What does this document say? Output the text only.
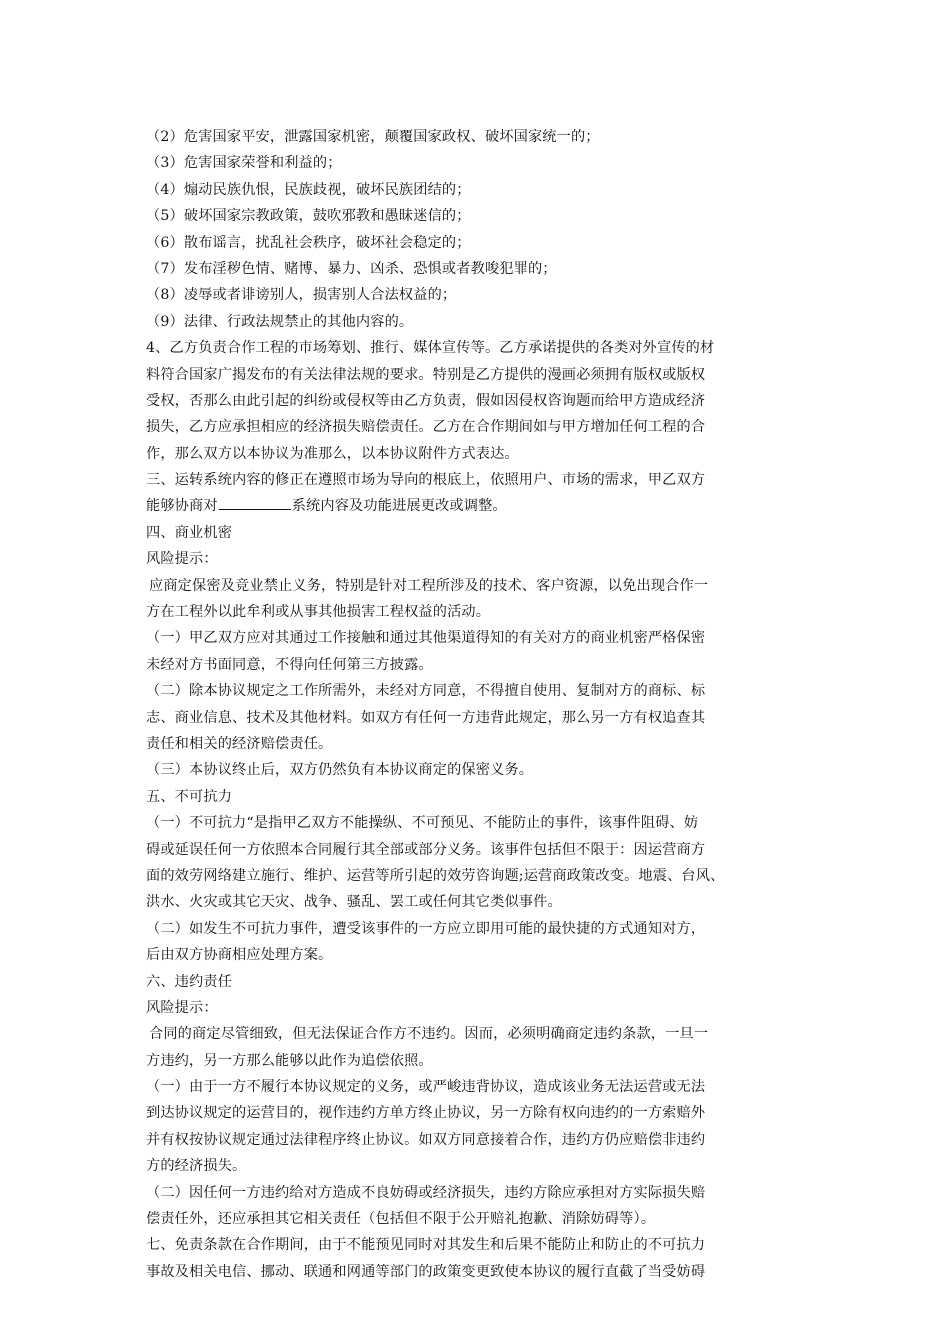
（2）危害国家平安，泄露国家机密，颠覆国家政权、破坏国家统一的；
（3）危害国家荣誉和利益的；
（4）煽动民族仇恨，民族歧视，破坏民族团结的；
（5）破坏国家宗教政策，鼓吹邪教和愚昧迷信的；
（6）散布谣言，扰乱社会秩序，破坏社会稳定的；
（7）发布淫秽色情、赌博、暴力、凶杀、恐惧或者教唆犯罪的；
（8）凌辱或者诽谤别人，损害别人合法权益的；
（9）法律、行政法规禁止的其他内容的。
4、乙方负责合作工程的市场筹划、推行、媒体宣传等。乙方承诺提供的各类对外宣传的材
料符合国家广揭发布的有关法律法规的要求。特别是乙方提供的漫画必须拥有版权或版权
受权，否那么由此引起的纠纷或侵权等由乙方负责，假如因侵权咨询题而给甲方造成经济
损失，乙方应承担相应的经济损失赔偿责任。乙方在合作期间如与甲方增加任何工程的合
作，那么双方以本协议为准那么，以本协议附件方式表达。
三、运转系统内容的修正在遵照市场为导向的根底上，依照用户、市场的需求，甲乙双方
能够协商对	系统内容及功能进展更改或调整。
四、商业机密
风险提示：
应商定保密及竞业禁止义务，特别是针对工程所涉及的技术、客户资源，以免出现合作一
方在工程外以此牟利或从事其他损害工程权益的活动。
（一）甲乙双方应对其通过工作接触和通过其他渠道得知的有关对方的商业机密严格保密
未经对方书面同意，不得向任何第三方披露。
（二）除本协议规定之工作所需外，未经对方同意，不得擅自使用、复制对方的商标、标
志、商业信息、技术及其他材料。如双方有任何一方违背此规定，那么另一方有权追查其
责任和相关的经济赔偿责任。
（三）本协议终止后，双方仍然负有本协议商定的保密义务。
五、不可抗力
（一）不可抗力“是指甲乙双方不能操纵、不可预见、不能防止的事件，该事件阻碍、妨
碍或延误任何一方依照本合同履行其全部或部分义务。该事件包括但不限于：因运营商方
面的效劳网络建立施行、维护、运营等所引起的效劳咨询题;运营商政策改变。地震、台风、
洪水、火灾或其它天灾、战争、骚乱、罢工或任何其它类似事件。
（二）如发生不可抗力事件，遭受该事件的一方应立即用可能的最快捷的方式通知对方，
后由双方协商相应处理方案。
六、违约责任
风险提示：
合同的商定尽管细致，但无法保证合作方不违约。因而，必须明确商定违约条款，一旦一
方违约，另一方那么能够以此作为追偿依照。
（一）由于一方不履行本协议规定的义务，或严峻违背协议，造成该业务无法运营或无法
到达协议规定的运营目的，视作违约方单方终止协议，另一方除有权向违约的一方索赔外
并有权按协议规定通过法律程序终止协议。如双方同意接着合作，违约方仍应赔偿非违约
方的经济损失。
（二）因任何一方违约给对方造成不良妨碍或经济损失，违约方除应承担对方实际损失赔
偿责任外，还应承担其它相关责任（包括但不限于公开赔礼抱歉、消除妨碍等）。
七、免责条款在合作期间，由于不能预见同时对其发生和后果不能防止和防止的不可抗力
事故及相关电信、挪动、联通和网通等部门的政策变更致使本协议的履行直截了当受妨碍
